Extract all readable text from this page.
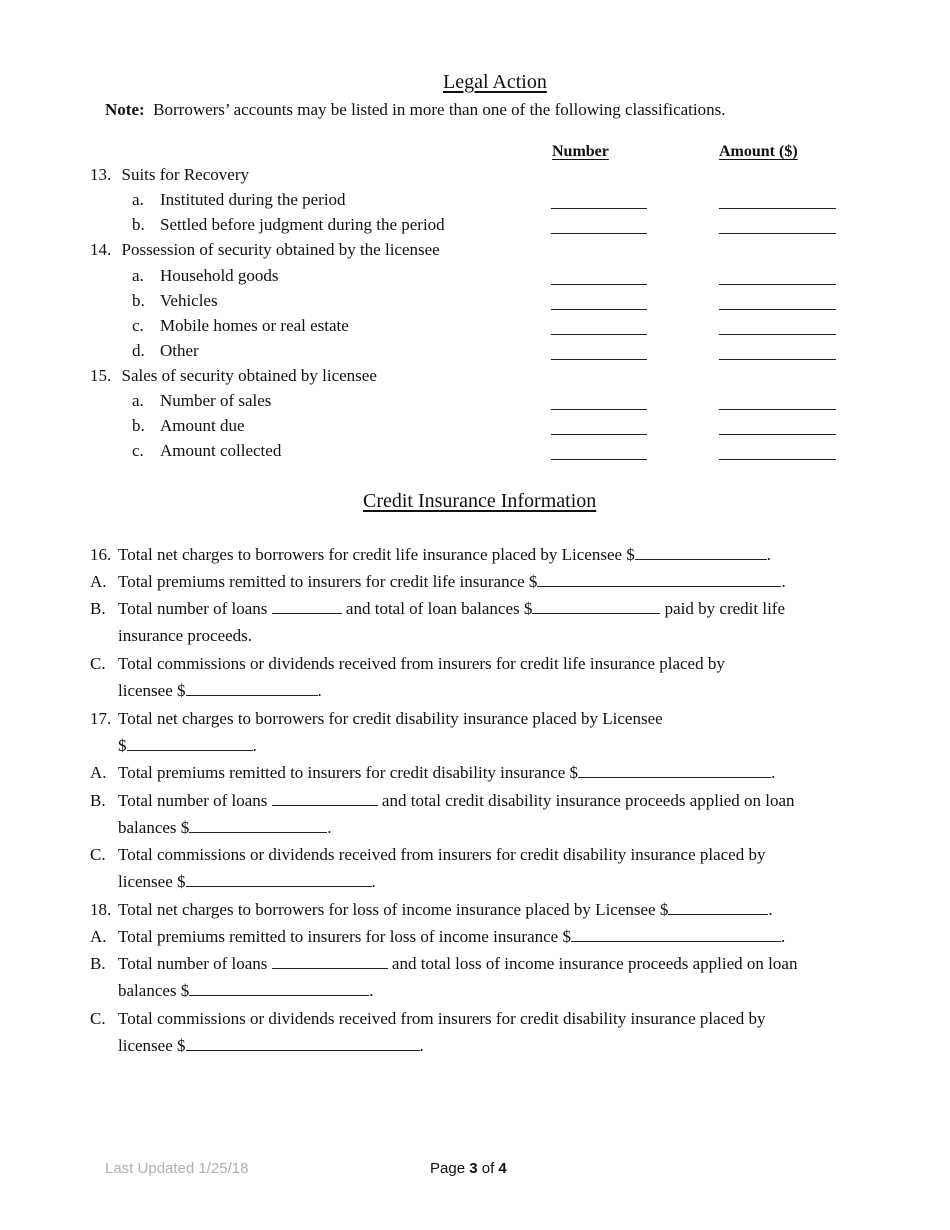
Legal Action
Note: Borrowers’ accounts may be listed in more than one of the following classifications.
Number	Amount ($)
13. Suits for Recovery
a. Instituted during the period
b. Settled before judgment during the period
14. Possession of security obtained by the licensee
a. Household goods
b. Vehicles
c. Mobile homes or real estate
d. Other
15. Sales of security obtained by licensee
a. Number of sales
b. Amount due
c. Amount collected
Credit Insurance Information
16. Total net charges to borrowers for credit life insurance placed by Licensee $	.
A. Total premiums remitted to insurers for credit life insurance $	.
B. Total number of loans	and total of loan balances $	paid by credit life
insurance proceeds.
C. Total commissions or dividends received from insurers for credit life insurance placed by
licensee $	.
17. Total net charges to borrowers for credit disability insurance placed by Licensee
$	.
A. Total premiums remitted to insurers for credit disability insurance $	.
B. Total number of loans	and total credit disability insurance proceeds applied on loan
balances $	.
C. Total commissions or dividends received from insurers for credit disability insurance placed by
licensee $	.
18. Total net charges to borrowers for loss of income insurance placed by Licensee $	.
A. Total premiums remitted to insurers for loss of income insurance $	.
B. Total number of loans	and total loss of income insurance proceeds applied on loan
balances $	.
C. Total commissions or dividends received from insurers for credit disability insurance placed by
licensee $	.
Last Updated 1/25/18	Page 3 of 4
